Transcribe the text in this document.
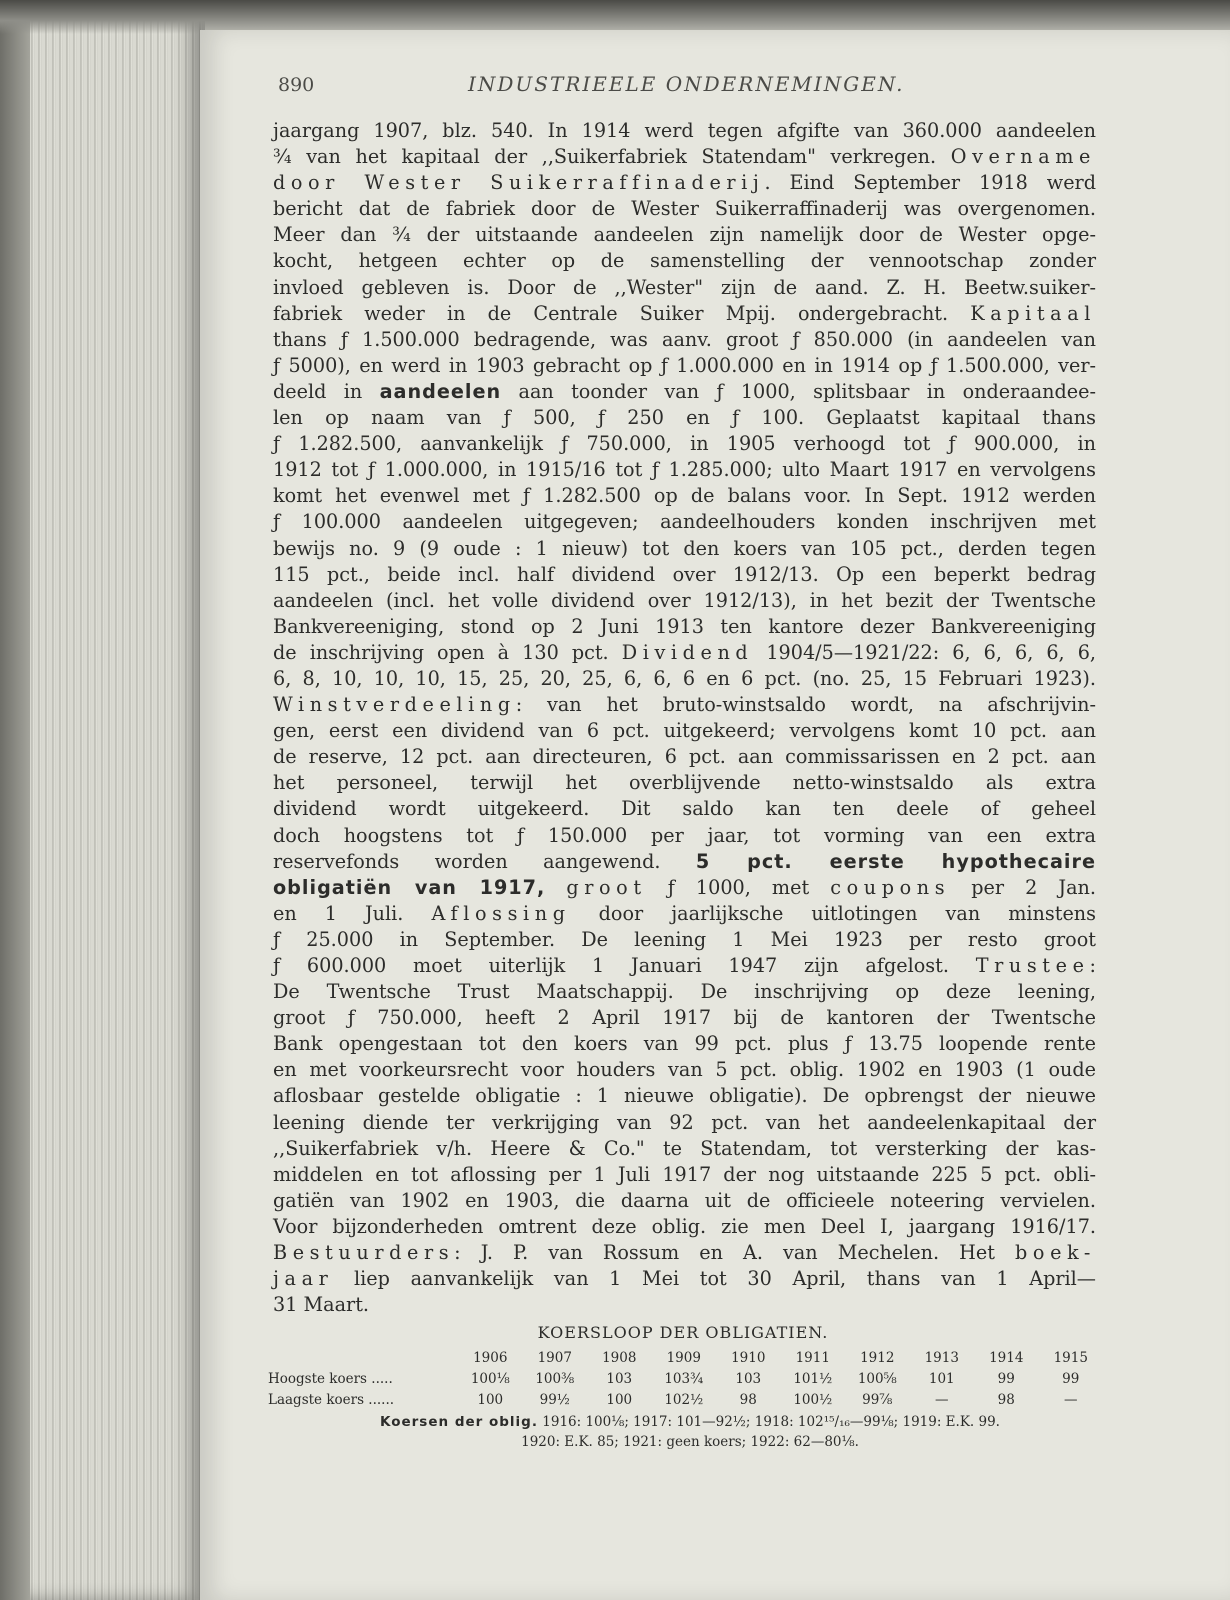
890	INDUSTRIEELE ONDERNEMINGEN.
jaargang 1907, blz. 540. In 1914 werd tegen afgifte van 360.000 aandeelen
¾ van het kapitaal der ,,Suikerfabriek Statendam" verkregen. Overname
door Wester Suikerraffinaderij. Eind September 1918 werd
bericht dat de fabriek door de Wester Suikerraffinaderij was overgenomen.
Meer dan ¾ der uitstaande aandeelen zijn namelijk door de Wester opge-
kocht, hetgeen echter op de samenstelling der vennootschap zonder
invloed gebleven is. Door de ,,Wester" zijn de aand. Z. H. Beetw.suiker-
fabriek weder in de Centrale Suiker Mpij. ondergebracht. Kapitaal
thans ƒ 1.500.000 bedragende, was aanv. groot ƒ 850.000 (in aandeelen van
ƒ 5000), en werd in 1903 gebracht op ƒ 1.000.000 en in 1914 op ƒ 1.500.000, ver-
deeld in aandeelen aan toonder van ƒ 1000, splitsbaar in onderaandee-
len op naam van ƒ 500, ƒ 250 en ƒ 100. Geplaatst kapitaal thans
ƒ 1.282.500, aanvankelijk ƒ 750.000, in 1905 verhoogd tot ƒ 900.000, in
1912 tot ƒ 1.000.000, in 1915/16 tot ƒ 1.285.000; ulto Maart 1917 en vervolgens
komt het evenwel met ƒ 1.282.500 op de balans voor. In Sept. 1912 werden
ƒ 100.000 aandeelen uitgegeven; aandeelhouders konden inschrijven met
bewijs no. 9 (9 oude : 1 nieuw) tot den koers van 105 pct., derden tegen
115 pct., beide incl. half dividend over 1912/13. Op een beperkt bedrag
aandeelen (incl. het volle dividend over 1912/13), in het bezit der Twentsche
Bankvereeniging, stond op 2 Juni 1913 ten kantore dezer Bankvereeniging
de inschrijving open à 130 pct. Dividend 1904/5—1921/22: 6, 6, 6, 6, 6,
6, 8, 10, 10, 10, 15, 25, 20, 25, 6, 6, 6 en 6 pct. (no. 25, 15 Februari 1923).
Winstverdeeling: van het bruto-winstsaldo wordt, na afschrijvin-
gen, eerst een dividend van 6 pct. uitgekeerd; vervolgens komt 10 pct. aan
de reserve, 12 pct. aan directeuren, 6 pct. aan commissarissen en 2 pct. aan
het personeel, terwijl het overblijvende netto-winstsaldo als extra
dividend wordt uitgekeerd. Dit saldo kan ten deele of geheel
doch hoogstens tot ƒ 150.000 per jaar, tot vorming van een extra
reservefonds worden aangewend. 5 pct. eerste hypothecaire
obligatiën van 1917, groot ƒ 1000, met coupons per 2 Jan.
en 1 Juli. Aflossing door jaarlijksche uitlotingen van minstens
ƒ 25.000 in September. De leening 1 Mei 1923 per resto groot
ƒ 600.000 moet uiterlijk 1 Januari 1947 zijn afgelost. Trustee:
De Twentsche Trust Maatschappij. De inschrijving op deze leening,
groot ƒ 750.000, heeft 2 April 1917 bij de kantoren der Twentsche
Bank opengestaan tot den koers van 99 pct. plus ƒ 13.75 loopende rente
en met voorkeursrecht voor houders van 5 pct. oblig. 1902 en 1903 (1 oude
aflosbaar gestelde obligatie : 1 nieuwe obligatie). De opbrengst der nieuwe
leening diende ter verkrijging van 92 pct. van het aandeelenkapitaal der
,,Suikerfabriek v/h. Heere & Co." te Statendam, tot versterking der kas-
middelen en tot aflossing per 1 Juli 1917 der nog uitstaande 225 5 pct. obli-
gatiën van 1902 en 1903, die daarna uit de officieele noteering vervielen.
Voor bijzonderheden omtrent deze oblig. zie men Deel I, jaargang 1916/17.
Bestuurders: J. P. van Rossum en A. van Mechelen. Het boek-
jaar liep aanvankelijk van 1 Mei tot 30 April, thans van 1 April—
31 Maart.
KOERSLOOP DER OBLIGATIEN.
	1906	1907	1908	1909	1910	1911	1912	1913	1914	1915
Hoogste koers .....	100⅛	100⅜	103	103¾	103	101½	100⅝	101	99	99
Laagste koers ......	100	99½	100	102½	98	100½	99⅞	—	98	—
Koersen der oblig. 1916: 100⅛; 1917: 101—92½; 1918: 102¹⁵/₁₆—99⅛; 1919: E.K. 99.
1920: E.K. 85; 1921: geen koers; 1922: 62—80⅛.
